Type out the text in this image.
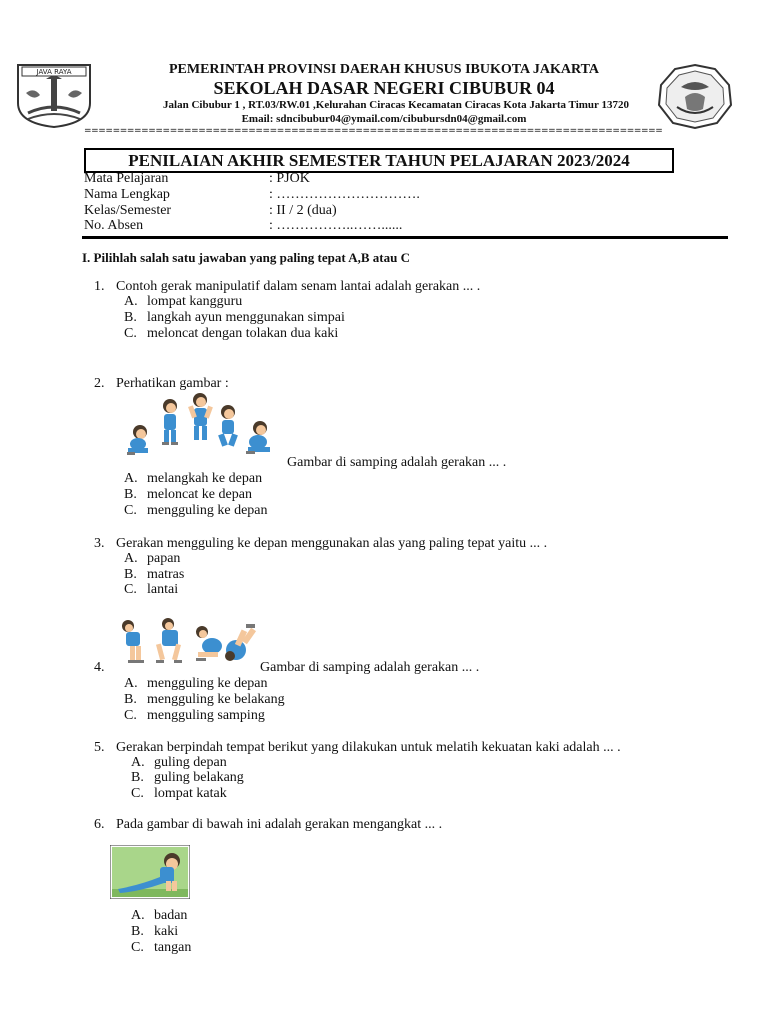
JAVA RAYA	PEMERINTAH PROVINSI DAERAH KHUSUS IBUKOTA JAKARTA
SEKOLAH DASAR NEGERI CIBUBUR 04
Jalan Cibubur 1 , RT.03/RW.01 ,Kelurahan Ciracas Kecamatan Ciracas Kota Jakarta Timur 13720
Email: sdncibubur04@ymail.com/cibubursdn04@gmail.com
=================================================================================
PENILAIAN AKHIR SEMESTER TAHUN PELAJARAN 2023/2024
Mata Pelajaran	: PJOK
Nama Lengkap	: ………………………….
Kelas/Semester	: II / 2 (dua)
No. Absen	: ……………..……......
I. Pilihlah salah satu jawaban yang paling tepat A,B atau C
1. Contoh gerak manipulatif dalam senam lantai adalah gerakan ... .
A. lompat kangguru
B. langkah ayun menggunakan simpai
C. meloncat dengan tolakan dua kaki
2. Perhatikan gambar :
Gambar di samping adalah gerakan ... .
A. melangkah ke depan
B. meloncat ke depan
C. mengguling ke depan
3. Gerakan mengguling ke depan menggunakan alas yang paling tepat yaitu ... .
A. papan
B. matras
C. lantai
4.	Gambar di samping adalah gerakan ... .
A. mengguling ke depan
B. mengguling ke belakang
C. mengguling samping
5. Gerakan berpindah tempat berikut yang dilakukan untuk melatih kekuatan kaki adalah ... .
A. guling depan
B. guling belakang
C. lompat katak
6. Pada gambar di bawah ini adalah gerakan mengangkat ... .
A. badan
B. kaki
C. tangan
